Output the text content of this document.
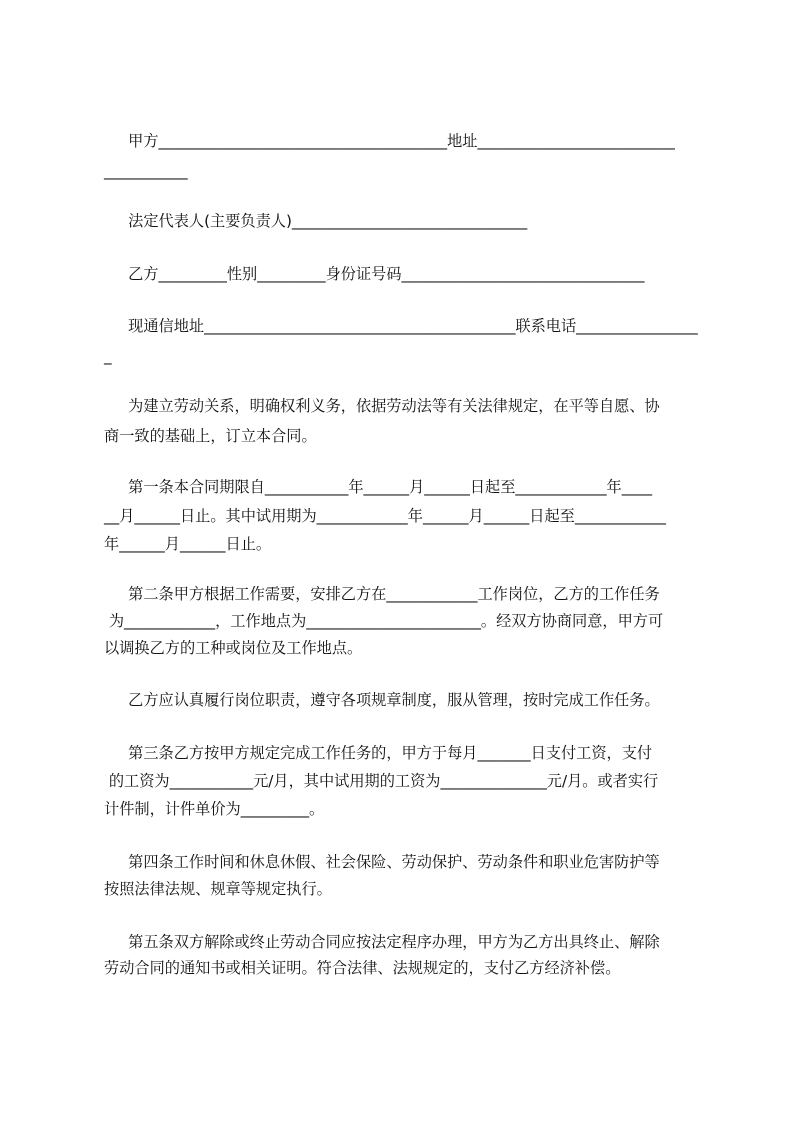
甲方______________________________________地址__________________________
___________
法定代表人(主要负责人)_______________________________
乙方_________性别_________身份证号码________________________________
现通信地址_________________________________________联系电话________________
_
为建立劳动关系，明确权利义务，依据劳动法等有关法律规定，在平等自愿、协
商一致的基础上，订立本合同。
第一条本合同期限自___________年______月______日起至____________年____
__月______日止。其中试用期为____________年______月______日起至____________
年______月______日止。
第二条甲方根据工作需要，安排乙方在____________工作岗位，乙方的工作任务
为____________，工作地点为_______________________。经双方协商同意，甲方可
以调换乙方的工种或岗位及工作地点。
乙方应认真履行岗位职责，遵守各项规章制度，服从管理，按时完成工作任务。
第三条乙方按甲方规定完成工作任务的，甲方于每月_______日支付工资，支付
的工资为___________元/月，其中试用期的工资为______________元/月。或者实行
计件制，计件单价为_________。
第四条工作时间和休息休假、社会保险、劳动保护、劳动条件和职业危害防护等
按照法律法规、规章等规定执行。
第五条双方解除或终止劳动合同应按法定程序办理，甲方为乙方出具终止、解除
劳动合同的通知书或相关证明。符合法律、法规规定的，支付乙方经济补偿。
